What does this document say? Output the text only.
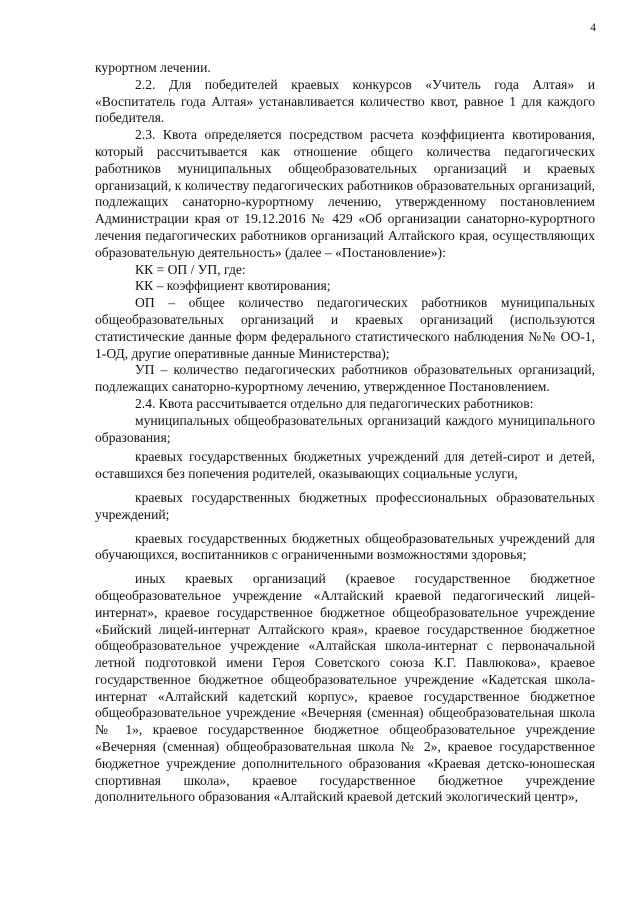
4

курортном лечении.

2.2. Для победителей краевых конкурсов «Учитель года Алтая» и «Воспитатель года Алтая» устанавливается количество квот, равное 1 для каждого победителя.

2.3. Квота определяется посредством расчета коэффициента квотирования, который рассчитывается как отношение общего количества педагогических работников муниципальных общеобразовательных организаций и краевых организаций, к количеству педагогических работников образовательных организаций, подлежащих санаторно-курортному лечению, утвержденному постановлением Администрации края от 19.12.2016 № 429 «Об организации санаторно-курортного лечения педагогических работников организаций Алтайского края, осуществляющих образовательную деятельность» (далее – «Постановление»):

КК = ОП / УП, где:

КК – коэффициент квотирования;

ОП – общее количество педагогических работников муниципальных общеобразовательных организаций и краевых организаций (используются статистические данные форм федерального статистического наблюдения №№ ОО-1, 1-ОД, другие оперативные данные Министерства);

УП – количество педагогических работников образовательных организаций, подлежащих санаторно-курортному лечению, утвержденное Постановлением.

2.4. Квота рассчитывается отдельно для педагогических работников:

муниципальных общеобразовательных организаций каждого муниципального образования;

краевых государственных бюджетных учреждений для детей-сирот и детей, оставшихся без попечения родителей, оказывающих социальные услуги,

краевых государственных бюджетных профессиональных образовательных учреждений;

краевых государственных бюджетных общеобразовательных учреждений для обучающихся, воспитанников с ограниченными возможностями здоровья;

иных краевых организаций (краевое государственное бюджетное общеобразовательное учреждение «Алтайский краевой педагогический лицей-интернат», краевое государственное бюджетное общеобразовательное учреждение «Бийский лицей-интернат Алтайского края», краевое государственное бюджетное общеобразовательное учреждение «Алтайская школа-интернат с первоначальной летной подготовкой имени Героя Советского союза К.Г. Павлюкова», краевое государственное бюджетное общеобразовательное учреждение «Кадетская школа-интернат «Алтайский кадетский корпус», краевое государственное бюджетное общеобразовательное учреждение «Вечерняя (сменная) общеобразовательная школа № 1», краевое государственное бюджетное общеобразовательное учреждение «Вечерняя (сменная) общеобразовательная школа № 2», краевое государственное бюджетное учреждение дополнительного образования «Краевая детско-юношеская спортивная школа», краевое государственное бюджетное учреждение дополнительного образования «Алтайский краевой детский экологический центр»,
